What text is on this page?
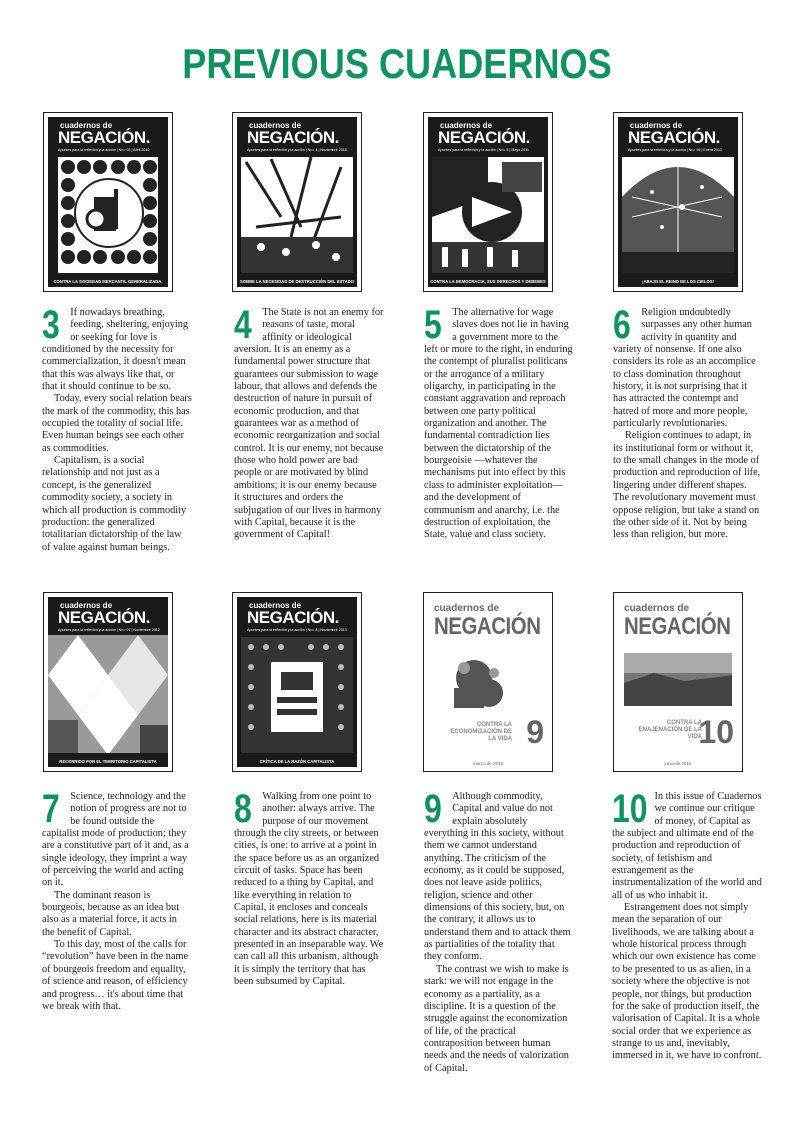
PREVIOUS CUADERNOS
cuadernos de
NEGACIÓN.
Apuntes para la reflexión y la acción | Nro. 03 | Abril 2010.
CONTRA LA SOCIEDAD MERCANTIL GENERALIZADA.
cuadernos de
NEGACIÓN.
Apuntes para la reflexión y la acción | Nro. 4 | Noviembre 2010
SOBRE LA NECESIDAD DE DESTRUCCIÓN DEL ESTADO
cuadernos de
NEGACIÓN.
Apuntes para la reflexión y la acción | Nro. 5 | Mayo 2011
CONTRA LA DEMOCRACIA, SUS DERECHOS Y DEBERES
cuadernos de
NEGACIÓN.
Apuntes para la reflexión y la acción | Nro. 06 | Enero 2012.
¡ABAJO EL REINO DE LOS CIELOS!
3	If nowadays breathing, feeding, sheltering, enjoying or seeking for love is conditioned by the necessity for commercialization, it doesn't mean that this was always like that, or that it should continue to be so.

Today, every social relation bears the mark of the commodity, this has occupied the totality of social life. Even human beings see each other as commodities.

Capitalism, is a social relationship and not just as a concept, is the generalized commodity society, a society in which all production is commodity production: the generalized totalitarian dictatorship of the law of value against human beings.

4	The State is not an enemy for reasons of taste, moral affinity or ideological aversion. It is an enemy as a fundamental power structure that guarantees our submission to wage labour, that allows and defends the destruction of nature in pursuit of economic production, and that guarantees war as a method of economic reorganization and social control. It is our enemy, not because those who hold power are bad people or are motivated by blind ambitions; it is our enemy because it structures and orders the subjugation of our lives in harmony with Capital, because it is the government of Capital!

5	The alternative for wage slaves does not lie in having a government more to the left or more to the right, in enduring the contempt of pluralist politicans or the arrogance of a military oligarchy, in participating in the constant aggravation and reproach between one party political organization and another. The fundamental contradiction lies between the dictatorship of the bourgeoisie —whatever the mechanisms put into effect by this class to administer exploitation— and the development of communism and anarchy, i.e. the destruction of exploitation, the State, value and class society.

6	Religion undoubtedly surpasses any other human activity in quantity and variety of nonsense. If one also considers its role as an accomplice to class domination throughout history, it is not surprising that it has attracted the contempt and hatred of more and more people, particularly revolutionaries.

Religion continues to adapt, in its institutional form or without it, to the small changes in the mode of production and reproduction of life, lingering under different shapes. The revolutionary movement must oppose religion, but take a stand on the other side of it. Not by being less than religion, but more.

cuadernos de
NEGACIÓN.
Apuntes para la reflexión y la acción | Nro. 07 | Noviembre 2012
RECORRIDO POR EL TERRITORIO CAPITALISTA
cuadernos de
NEGACIÓN.
Apuntes para la reflexión y la acción | Nro. 8 | Noviembre 2013
CRÍTICA DE LA RAZÓN CAPITALISTA
cuadernos de
NEGACIÓN
CONTRA LA ECONOMIZACIÓN DE LA VIDA 9
marzo de 2015
cuadernos de
NEGACIÓN
CONTRA LA ENAJENACIÓN DE LA VIDA
10
junio de 2016
7	Science, technology and the notion of progress are not to be found outside the capitalist mode of production; they are a constitutive part of it and, as a single ideology, they imprint a way of perceiving the world and acting on it.

The dominant reason is bourgeois, because as an idea but also as a material force, it acts in the benefit of Capital.

To this day, most of the calls for “revolution” have been in the name of bourgeois freedom and equality, of science and reason, of efficiency and progress… it's about time that we break with that.

8	Walking from one point to another: always arrive. The purpose of our movement through the city streets, or between cities, is one: to arrive at a point in the space before us as an organized circuit of tasks. Space has been reduced to a thing by Capital, and like everything in relation to Capital, it encloses and conceals social relations, here is its material character and its abstract character, presented in an inseparable way. We can call all this urbanism, although it is simply the territory that has been subsumed by Capital.

9	Although commodity, Capital and value do not explain absolutely everything in this society, without them we cannot understand anything. The criticism of the economy, as it could be supposed, does not leave aside politics, religion, science and other dimensions of this society, but, on the contrary, it allows us to understand them and to attack them as partialities of the totality that they conform.

The contrast we wish to make is stark: we will not engage in the economy as a partiality, as a discipline. It is a question of the struggle against the economization of life, of the practical contraposition between human needs and the needs of valorization of Capital.

10 In this issue of Cuadernos we continue our critique of money, of Capital as the subject and ultimate end of the production and reproduction of society, of fetishism and estrangement as the instrumentalization of the world and all of us who inhabit it.

Estrangement does not simply mean the separation of our livelihoods, we are talking about a whole historical process through which our own existence has come to be presented to us as alien, in a society where the objective is not people, nor things, but production for the sake of production itself, the valorisation of Capital. It is a whole social order that we experience as strange to us and, inevitably, immersed in it, we have to confront.
